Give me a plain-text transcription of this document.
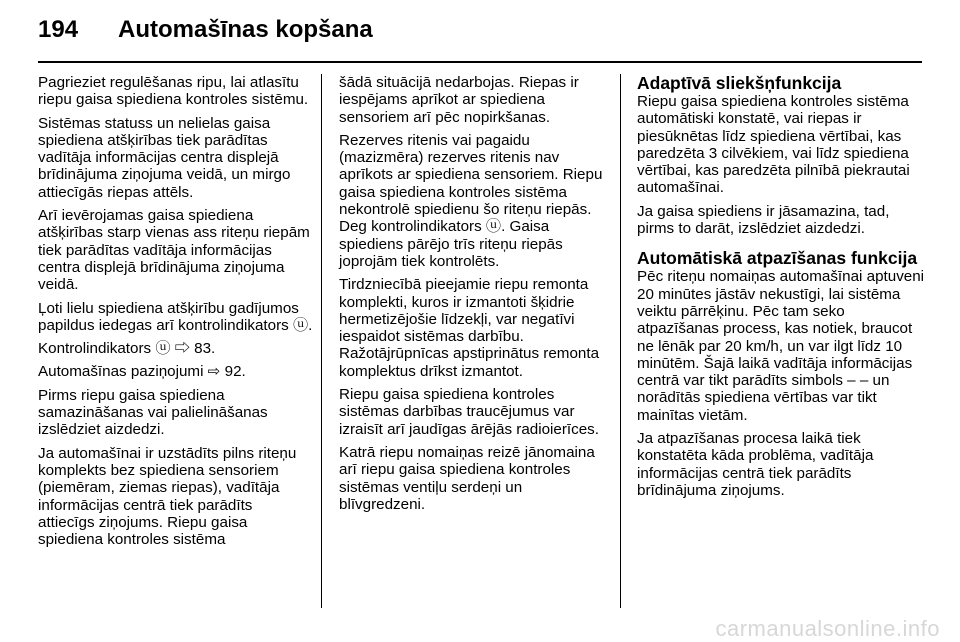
194 Automašīnas kopšana

Pagrieziet regulēšanas ripu, lai atlasītu riepu gaisa spiediena kontroles sistēmu.

Sistēmas statuss un nelielas gaisa spiediena atšķirības tiek parādītas vadītāja informācijas centra displejā brīdinājuma ziņojuma veidā, un mirgo attiecīgās riepas attēls.

Arī ievērojamas gaisa spiediena atšķirības starp vienas ass riteņu riepām tiek parādītas vadītāja informācijas centra displejā brīdinājuma ziņojuma veidā.

Ļoti lielu spiediena atšķirību gadījumos papildus iedegas arī kontrolindikators ⓤ.

Kontrolindikators ⓤ ⇨ 83.

Automašīnas paziņojumi ⇨ 92.

Pirms riepu gaisa spiediena samazināšanas vai palielināšanas izslēdziet aizdedzi.

Ja automašīnai ir uzstādīts pilns riteņu komplekts bez spiediena sensoriem (piemēram, ziemas riepas), vadītāja informācijas centrā tiek parādīts attiecīgs ziņojums. Riepu gaisa spiediena kontroles sistēma

šādā situācijā nedarbojas. Riepas ir iespējams aprīkot ar spiediena sensoriem arī pēc nopirkšanas.

Rezerves ritenis vai pagaidu (mazizmēra) rezerves ritenis nav aprīkots ar spiediena sensoriem. Riepu gaisa spiediena kontroles sistēma nekontrolē spiedienu šo riteņu riepās. Deg kontrolindikators ⓤ. Gaisa spiediens pārējo trīs riteņu riepās joprojām tiek kontrolēts.

Tirdzniecībā pieejamie riepu remonta komplekti, kuros ir izmantoti šķidrie hermetizējošie līdzekļi, var negatīvi iespaidot sistēmas darbību. Ražotājrūpnīcas apstiprinātus remonta komplektus drīkst izmantot.

Riepu gaisa spiediena kontroles sistēmas darbības traucējumus var izraisīt arī jaudīgas ārējās radioierīces.

Katrā riepu nomaiņas reizē jānomaina arī riepu gaisa spiediena kontroles sistēmas ventiļu serdeņi un blīvgredzeni.

Adaptīvā sliekšņfunkcija

Riepu gaisa spiediena kontroles sistēma automātiski konstatē, vai riepas ir piesūknētas līdz spiediena vērtībai, kas paredzēta 3 cilvēkiem, vai līdz spiediena vērtībai, kas paredzēta pilnībā piekrautai automašīnai.

Ja gaisa spiediens ir jāsamazina, tad, pirms to darāt, izslēdziet aizdedzi.

Automātiskā atpazīšanas funkcija

Pēc riteņu nomaiņas automašīnai aptuveni 20 minūtes jāstāv nekustīgi, lai sistēma veiktu pārrēķinu. Pēc tam seko atpazīšanas process, kas notiek, braucot ne lēnāk par 20 km/h, un var ilgt līdz 10 minūtēm. Šajā laikā vadītāja informācijas centrā var tikt parādīts simbols – – un norādītās spiediena vērtības var tikt mainītas vietām.

Ja atpazīšanas procesa laikā tiek konstatēta kāda problēma, vadītāja informācijas centrā tiek parādīts brīdinājuma ziņojums.

carmanualsonline.info
